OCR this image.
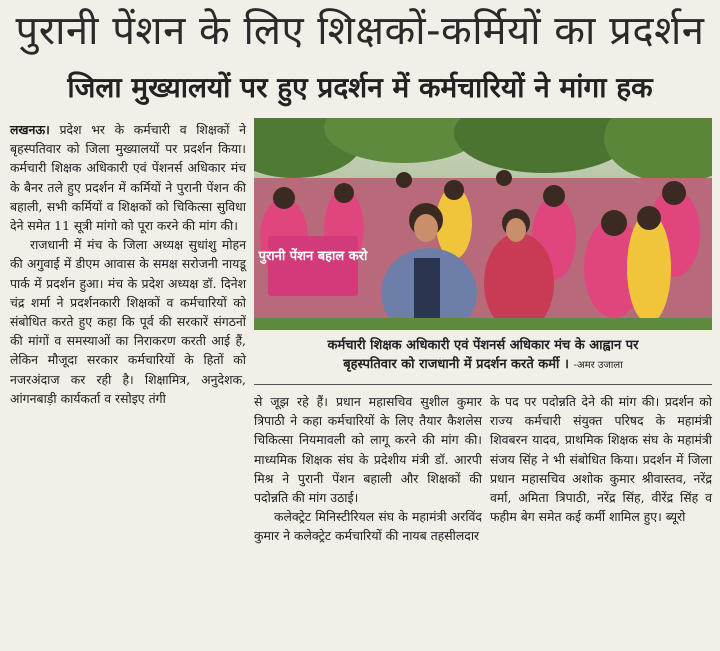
पुरानी पेंशन के लिए शिक्षकों-कर्मियों का प्रदर्शन
जिला मुख्यालयों पर हुए प्रदर्शन में कर्मचारियों ने मांगा हक

लखनऊ। प्रदेश भर के कर्मचारी व शिक्षकों ने बृहस्पतिवार को जिला मुख्यालयों पर प्रदर्शन किया। कर्मचारी शिक्षक अधिकारी एवं पेंशनर्स अधिकार मंच के बैनर तले हुए प्रदर्शन में कर्मियों ने पुरानी पेंशन की बहाली, सभी कर्मियों व शिक्षकों को चिकित्सा सुविधा देने समेत 11 सूत्री मांगो को पूरा करने की मांग की।

राजधानी में मंच के जिला अध्यक्ष सुधांशु मोहन की अगुवाई में डीएम आवास के समक्ष सरोजनी नायडू पार्क में प्रदर्शन हुआ। मंच के प्रदेश अध्यक्ष डॉ. दिनेश चंद्र शर्मा ने प्रदर्शनकारी शिक्षकों व कर्मचारियों को संबोधित करते हुए कहा कि पूर्व की सरकारें संगठनों की मांगों व समस्याओं का निराकरण करती आई हैं, लेकिन मौजूदा सरकार कर्मचारियों के हितों को नजरअंदाज कर रही है। शिक्षामित्र, अनुदेशक, आंगनबाड़ी कार्यकर्ता व रसोइए तंगी

पुरानी पेंशन बहाल करो
कर्मचारी शिक्षक अधिकारी एवं पेंशनर्स अधिकार मंच के आह्वान पर
बृहस्पतिवार को राजधानी में प्रदर्शन करते कर्मी । -अमर उजाला

से जूझ रहे हैं। प्रधान महासचिव सुशील कुमार त्रिपाठी ने कहा कर्मचारियों के लिए तैयार कैशलेस चिकित्सा नियमावली को लागू करने की मांग की। माध्यमिक शिक्षक संघ के प्रदेशीय मंत्री डॉ. आरपी मिश्र ने पुरानी पेंशन बहाली और शिक्षकों की पदोन्नति की मांग उठाई।

कलेक्ट्रेट मिनिस्टीरियल संघ के महामंत्री अरविंद कुमार ने कलेक्ट्रेट कर्मचारियों की नायब तहसीलदार

के पद पर पदोन्नति देने की मांग की। प्रदर्शन को राज्य कर्मचारी संयुक्त परिषद के महामंत्री शिवबरन यादव, प्राथमिक शिक्षक संघ के महामंत्री संजय सिंह ने भी संबोधित किया। प्रदर्शन में जिला प्रधान महासचिव अशोक कुमार श्रीवास्तव, नरेंद्र वर्मा, अमिता त्रिपाठी, नरेंद्र सिंह, वीरेंद्र सिंह व फहीम बेग समेत कई कर्मी शामिल हुए। ब्यूरो
